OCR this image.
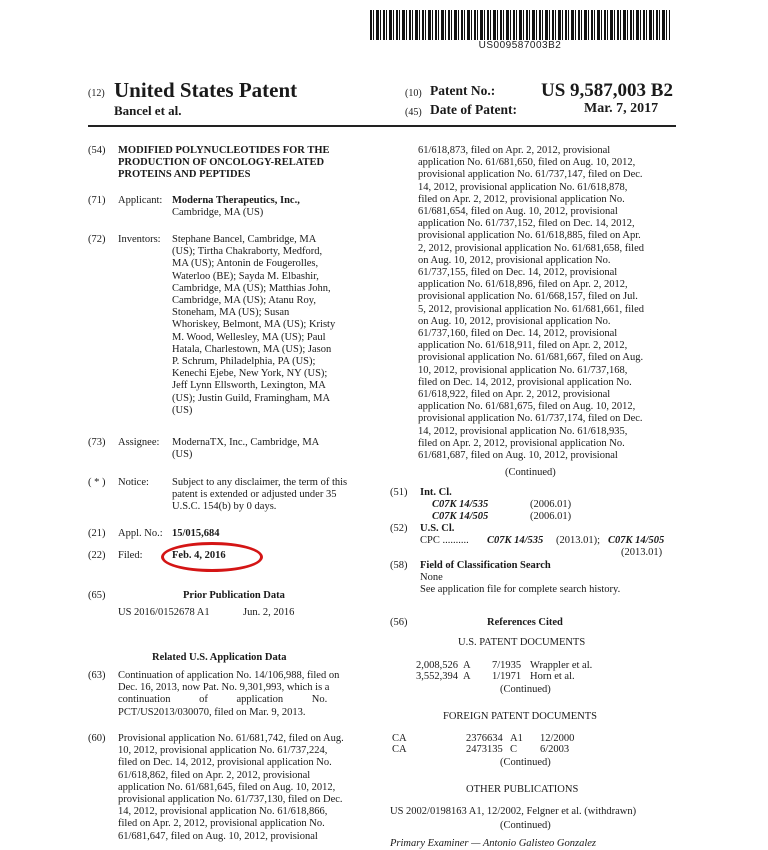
US009587003B2
(12) United States Patent
Bancel et al.
(10) Patent No.: US 9,587,003 B2
(45) Date of Patent:	Mar. 7, 2017
(54) MODIFIED POLYNUCLEOTIDES FOR THE
PRODUCTION OF ONCOLOGY-RELATED
PROTEINS AND PEPTIDES
(71) Applicant: Moderna Therapeutics, Inc.,
Cambridge, MA (US)
(72) Inventors: Stephane Bancel, Cambridge, MA
(US); Tirtha Chakraborty, Medford,
MA (US); Antonin de Fougerolles,
Waterloo (BE); Sayda M. Elbashir,
Cambridge, MA (US); Matthias John,
Cambridge, MA (US); Atanu Roy,
Stoneham, MA (US); Susan
Whoriskey, Belmont, MA (US); Kristy
M. Wood, Wellesley, MA (US); Paul
Hatala, Charlestown, MA (US); Jason
P. Schrum, Philadelphia, PA (US);
Kenechi Ejebe, New York, NY (US);
Jeff Lynn Ellsworth, Lexington, MA
(US); Justin Guild, Framingham, MA
(US)
(73) Assignee: ModernaTX, Inc., Cambridge, MA
(US)
( * ) Notice: Subject to any disclaimer, the term of this
patent is extended or adjusted under 35
U.S.C. 154(b) by 0 days.
(21) Appl. No.: 15/015,684
(22) Filed:	Feb. 4, 2016
(65)	Prior Publication Data
US 2016/0152678 A1	Jun. 2, 2016
Related U.S. Application Data
(63) Continuation of application No. 14/106,988, filed on
Dec. 16, 2013, now Pat. No. 9,301,993, which is a
continuation of application No.
PCT/US2013/030070, filed on Mar. 9, 2013.
(60) Provisional application No. 61/681,742, filed on Aug.
10, 2012, provisional application No. 61/737,224,
filed on Dec. 14, 2012, provisional application No.
61/618,862, filed on Apr. 2, 2012, provisional
application No. 61/681,645, filed on Aug. 10, 2012,
provisional application No. 61/737,130, filed on Dec.
14, 2012, provisional application No. 61/618,866,
filed on Apr. 2, 2012, provisional application No.
61/681,647, filed on Aug. 10, 2012, provisional
61/618,873, filed on Apr. 2, 2012, provisional
application No. 61/681,650, filed on Aug. 10, 2012,
provisional application No. 61/737,147, filed on Dec.
14, 2012, provisional application No. 61/618,878,
filed on Apr. 2, 2012, provisional application No.
61/681,654, filed on Aug. 10, 2012, provisional
application No. 61/737,152, filed on Dec. 14, 2012,
provisional application No. 61/618,885, filed on Apr.
2, 2012, provisional application No. 61/681,658, filed
on Aug. 10, 2012, provisional application No.
61/737,155, filed on Dec. 14, 2012, provisional
application No. 61/618,896, filed on Apr. 2, 2012,
provisional application No. 61/668,157, filed on Jul.
5, 2012, provisional application No. 61/681,661, filed
on Aug. 10, 2012, provisional application No.
61/737,160, filed on Dec. 14, 2012, provisional
application No. 61/618,911, filed on Apr. 2, 2012,
provisional application No. 61/681,667, filed on Aug.
10, 2012, provisional application No. 61/737,168,
filed on Dec. 14, 2012, provisional application No.
61/618,922, filed on Apr. 2, 2012, provisional
application No. 61/681,675, filed on Aug. 10, 2012,
provisional application No. 61/737,174, filed on Dec.
14, 2012, provisional application No. 61/618,935,
filed on Apr. 2, 2012, provisional application No.
61/681,687, filed on Aug. 10, 2012, provisional
(Continued)
(51) Int. Cl.
C07K 14/535	(2006.01)
C07K 14/505	(2006.01)
(52) U.S. Cl.
CPC .......... C07K 14/535 (2013.01); C07K 14/505
(2013.01)
(58) Field of Classification Search
None
See application file for complete search history.
(56)	References Cited
U.S. PATENT DOCUMENTS
2,008,526 A 7/1935 Wrappler et al.
3,552,394 A 1/1971 Horn et al.
(Continued)
FOREIGN PATENT DOCUMENTS
CA	2376634 A1 12/2000
CA	2473135 C 6/2003
(Continued)
OTHER PUBLICATIONS
US 2002/0198163 A1, 12/2002, Felgner et al. (withdrawn)
(Continued)
Primary Examiner — Antonio Galisteo Gonzalez
